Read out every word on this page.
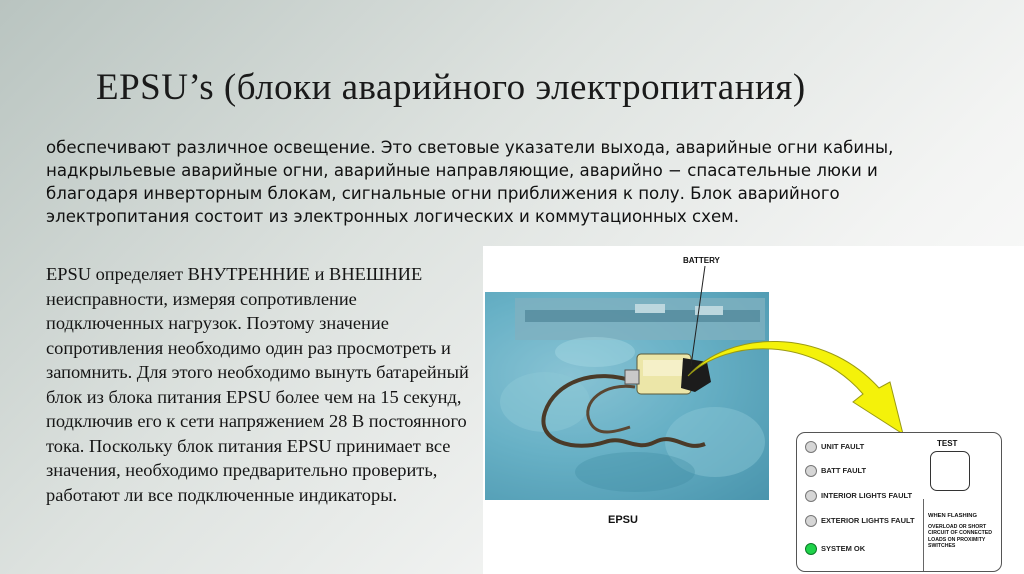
EPSU’s (блоки аварийного электропитания)
обеспечивают различное освещение. Это световые указатели выхода, аварийные огни кабины, надкрыльевые аварийные огни, аварийные направляющие, аварийно − спасательные люки и благодаря инверторным блокам, сигнальные огни приближения к полу. Блок аварийного электропитания состоит из электронных логических и коммутационных схем.
EPSU определяет ВНУТРЕННИЕ и ВНЕШНИЕ неисправности, измеряя сопротивление подключенных нагрузок. Поэтому значение сопротивления необходимо один раз просмотреть и запомнить. Для этого необходимо вынуть батарейный блок из блока питания EPSU более чем на 15 секунд, подключив его к сети напряжением 28 В постоянного тока. Поскольку блок питания EPSU принимает все значения, необходимо предварительно проверить, работают ли все подключенные индикаторы.
BATTERY
EPSU
UNIT FAULT
BATT FAULT
INTERIOR LIGHTS FAULT
EXTERIOR LIGHTS FAULT
SYSTEM OK
TEST
WHEN FLASHING
OVERLOAD OR SHORT CIRCUIT OF CONNECTED LOADS ON PROXIMITY SWITCHES
